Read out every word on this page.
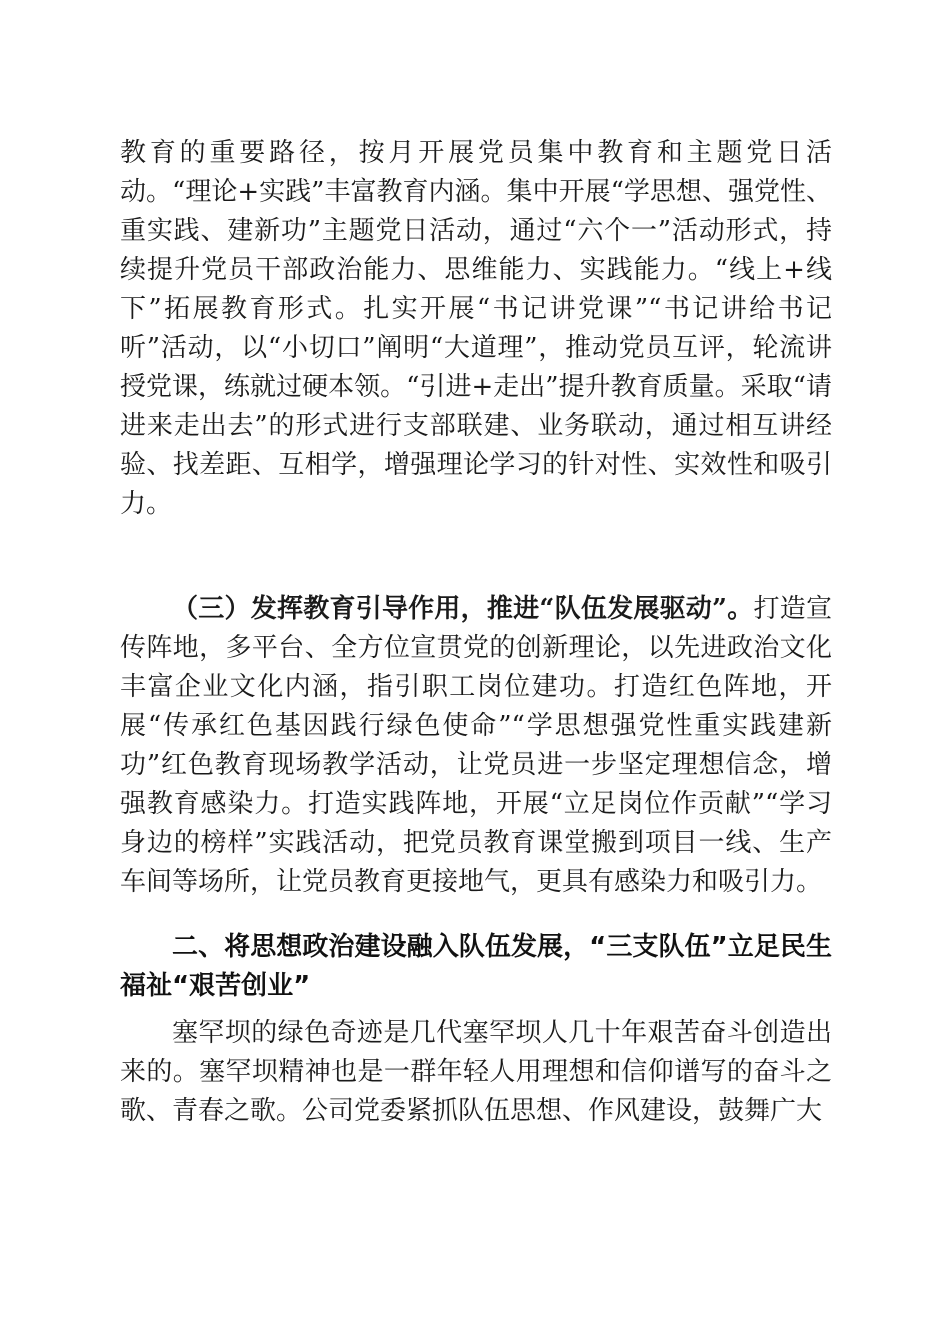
教育的重要路径，按月开展党员集中教育和主题党日活动。“理论+实践”丰富教育内涵。集中开展“学思想、强党性、重实践、建新功”主题党日活动，通过“六个一”活动形式，持续提升党员干部政治能力、思维能力、实践能力。“线上+线下”拓展教育形式。扎实开展“书记讲党课”“书记讲给书记听”活动，以“小切口”阐明“大道理”，推动党员互评，轮流讲授党课，练就过硬本领。“引进+走出”提升教育质量。采取“请进来走出去”的形式进行支部联建、业务联动，通过相互讲经验、找差距、互相学，增强理论学习的针对性、实效性和吸引力。

（三）发挥教育引导作用，推进“队伍发展驱动”。打造宣传阵地，多平台、全方位宣贯党的创新理论，以先进政治文化丰富企业文化内涵，指引职工岗位建功。打造红色阵地，开展“传承红色基因践行绿色使命”“学思想强党性重实践建新功”红色教育现场教学活动，让党员进一步坚定理想信念，增强教育感染力。打造实践阵地，开展“立足岗位作贡献”“学习身边的榜样”实践活动，把党员教育课堂搬到项目一线、生产车间等场所，让党员教育更接地气，更具有感染力和吸引力。

二、将思想政治建设融入队伍发展，“三支队伍”立足民生福祉“艰苦创业”

塞罕坝的绿色奇迹是几代塞罕坝人几十年艰苦奋斗创造出来的。塞罕坝精神也是一群年轻人用理想和信仰谱写的奋斗之歌、青春之歌。公司党委紧抓队伍思想、作风建设，鼓舞广大
